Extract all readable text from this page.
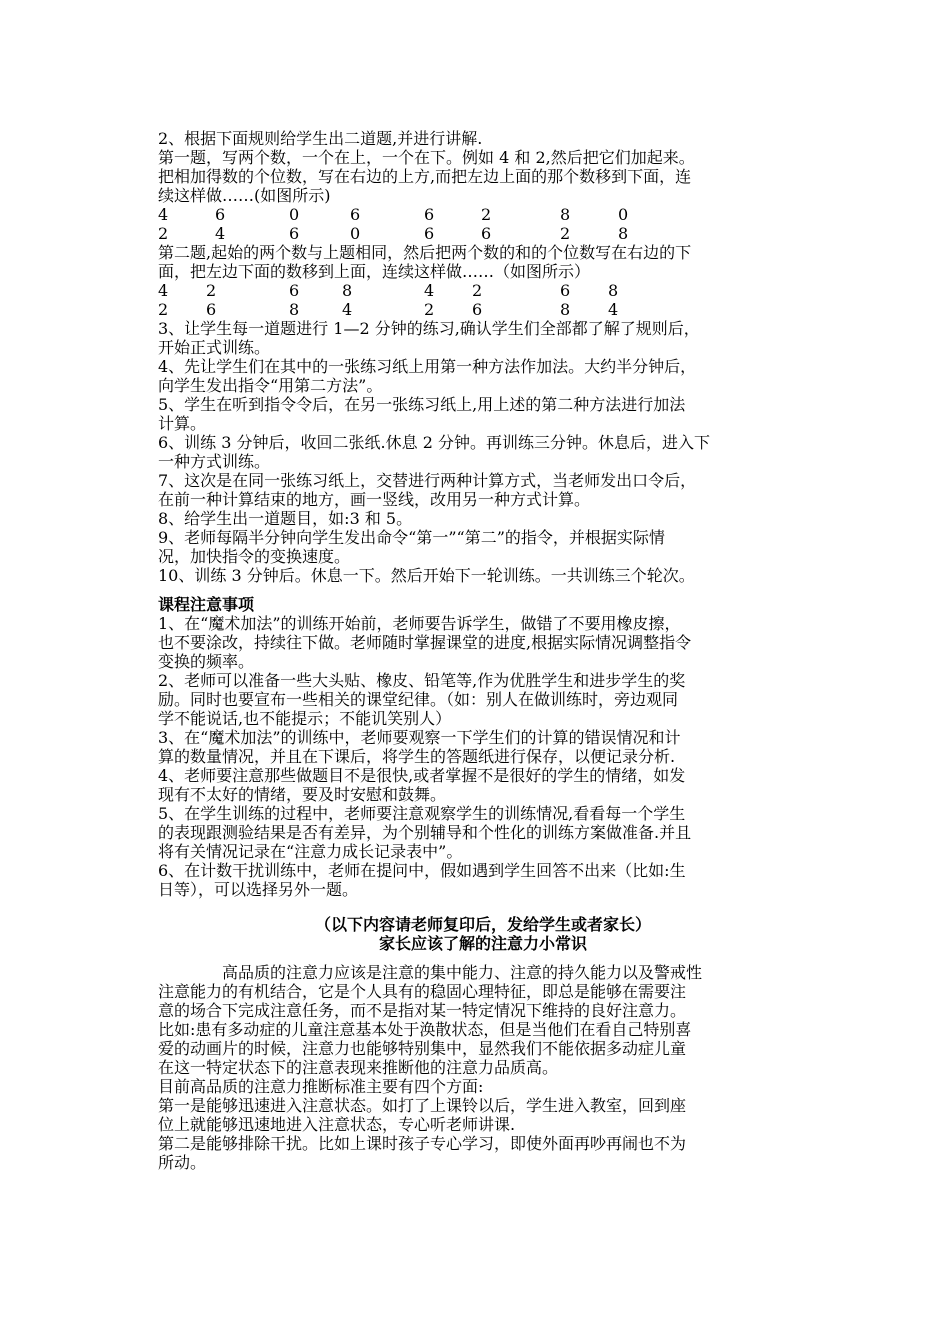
2、根据下面规则给学生出二道题,并进行讲解.
第一题，写两个数，一个在上，一个在下。例如 4 和 2,然后把它们加起来。
把相加得数的个位数，写在右边的上方,而把左边上面的那个数移到下面，连
续这样做……(如图所示)
4	6	0	6	6	2	8	0
2	4	6	0	6	6	2	8
第二题,起始的两个数与上题相同，然后把两个数的和的个位数写在右边的下
面，把左边下面的数移到上面，连续这样做……（如图所示）
4 2	6	8	4 2	6 8
2 6	8	4	2 6	8 4
3、让学生每一道题进行 1—2 分钟的练习,确认学生们全部都了解了规则后，
开始正式训练。
4、先让学生们在其中的一张练习纸上用第一种方法作加法。大约半分钟后，
向学生发出指令“用第二方法”。
5、学生在听到指令令后，在另一张练习纸上,用上述的第二种方法进行加法
计算。
6、训练 3 分钟后，收回二张纸.休息 2 分钟。再训练三分钟。休息后，进入下
一种方式训练。
7、这次是在同一张练习纸上，交替进行两种计算方式，当老师发出口令后，
在前一种计算结束的地方，画一竖线，改用另一种方式计算。
8、给学生出一道题目，如:3 和 5。
9、老师每隔半分钟向学生发出命令“第一”“第二”的指令，并根据实际情
况，加快指令的变换速度。
10、训练 3 分钟后。休息一下。然后开始下一轮训练。一共训练三个轮次。
课程注意事项
1、在“魔术加法”的训练开始前，老师要告诉学生，做错了不要用橡皮擦，
也不要涂改，持续往下做。老师随时掌握课堂的进度,根据实际情况调整指令
变换的频率。
2、老师可以准备一些大头贴、橡皮、铅笔等,作为优胜学生和进步学生的奖
励。同时也要宣布一些相关的课堂纪律。（如：别人在做训练时，旁边观同
学不能说话,也不能提示；不能讥笑别人）
3、在“魔术加法”的训练中，老师要观察一下学生们的计算的错误情况和计
算的数量情况，并且在下课后，将学生的答题纸进行保存，以便记录分析.
4、老师要注意那些做题目不是很快,或者掌握不是很好的学生的情绪，如发
现有不太好的情绪，要及时安慰和鼓舞。
5、在学生训练的过程中，老师要注意观察学生的训练情况,看看每一个学生
的表现跟测验结果是否有差异，为个别辅导和个性化的训练方案做准备.并且
将有关情况记录在“注意力成长记录表中”。
6、在计数干扰训练中，老师在提问中，假如遇到学生回答不出来（比如:生
日等），可以选择另外一题。
（以下内容请老师复印后，发给学生或者家长）
家长应该了解的注意力小常识
高品质的注意力应该是注意的集中能力、注意的持久能力以及警戒性
注意能力的有机结合，它是个人具有的稳固心理特征，即总是能够在需要注
意的场合下完成注意任务，而不是指对某一特定情况下维持的良好注意力。
比如:患有多动症的儿童注意基本处于涣散状态，但是当他们在看自己特别喜
爱的动画片的时候，注意力也能够特别集中，显然我们不能依据多动症儿童
在这一特定状态下的注意表现来推断他的注意力品质高。
目前高品质的注意力推断标准主要有四个方面:
第一是能够迅速进入注意状态。如打了上课铃以后，学生进入教室，回到座
位上就能够迅速地进入注意状态，专心听老师讲课.
第二是能够排除干扰。比如上课时孩子专心学习，即使外面再吵再闹也不为
所动。
